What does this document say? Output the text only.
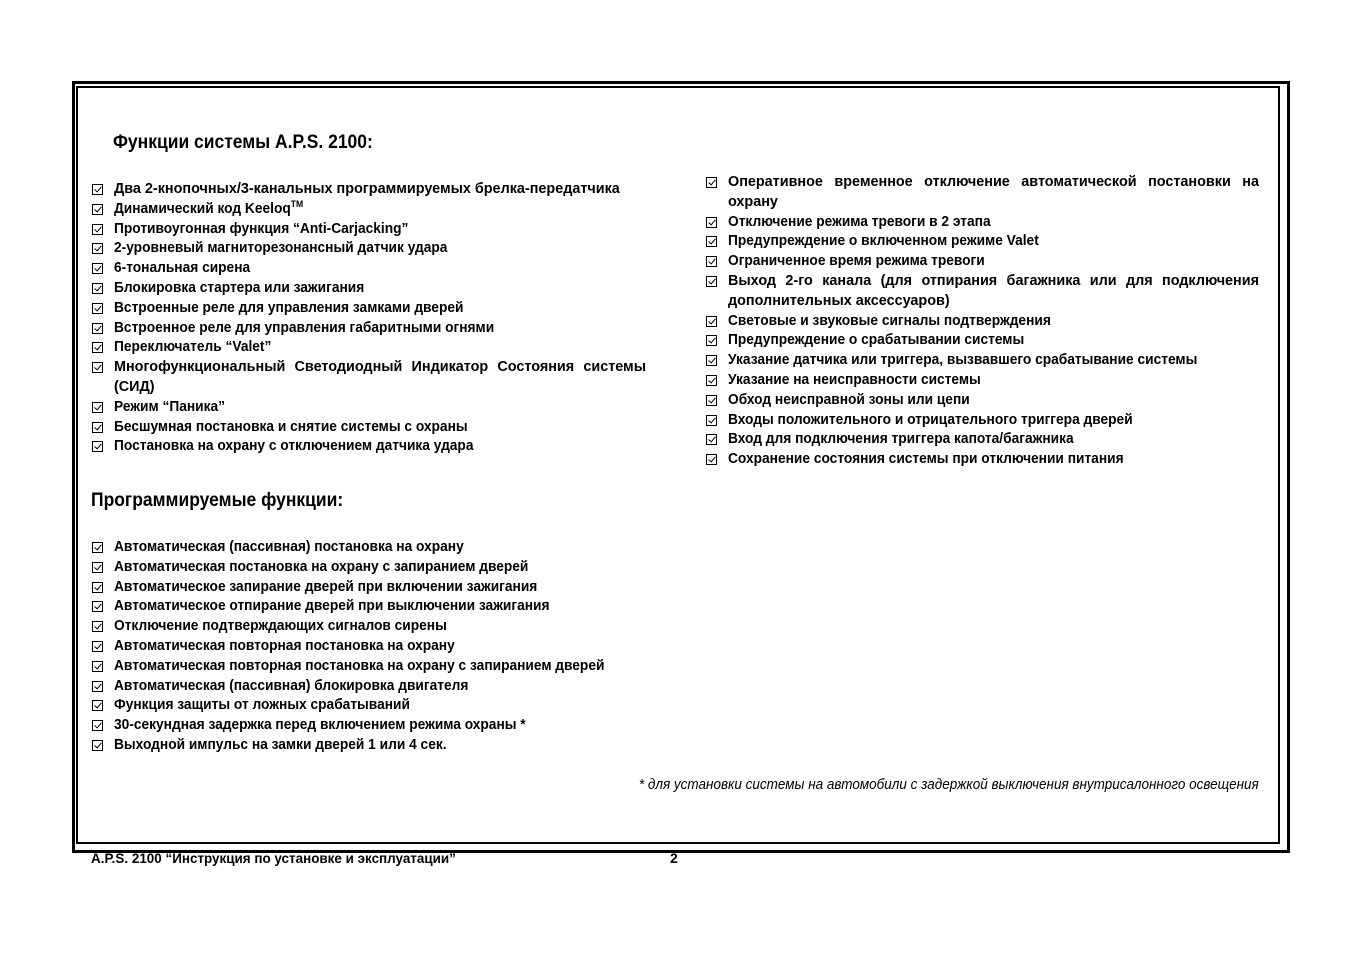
Функции системы A.P.S. 2100:
Два 2-кнопочных/3-канальных программируемых брелка-передатчика
Динамический код Keeloq™
Противоугонная функция “Anti-Carjacking”
2-уровневый магниторезонансный датчик удара
6-тональная сирена
Блокировка стартера или зажигания
Встроенные реле для управления замками дверей
Встроенное реле для управления габаритными огнями
Переключатель “Valet”
Многофункциональный Светодиодный Индикатор Состояния системы (СИД)
Режим “Паника”
Бесшумная постановка и снятие системы с охраны
Постановка на охрану с отключением датчика удара
Оперативное временное отключение автоматической постановки на охрану
Отключение режима тревоги в 2 этапа
Предупреждение о включенном режиме Valet
Ограниченное время режима тревоги
Выход 2-го канала (для отпирания багажника или для подключения дополнительных аксессуаров)
Световые и звуковые сигналы подтверждения
Предупреждение о срабатывании системы
Указание датчика или триггера, вызвавшего срабатывание системы
Указание на неисправности системы
Обход неисправной зоны или цепи
Входы положительного и отрицательного триггера дверей
Вход для подключения триггера капота/багажника
Сохранение состояния системы при отключении питания
Программируемые функции:
Автоматическая (пассивная) постановка на охрану
Автоматическая постановка на охрану с запиранием дверей
Автоматическое запирание дверей при включении зажигания
Автоматическое отпирание дверей при выключении зажигания
Отключение подтверждающих сигналов сирены
Автоматическая повторная постановка на охрану
Автоматическая повторная постановка на охрану с запиранием дверей
Автоматическая (пассивная) блокировка двигателя
Функция защиты от ложных срабатываний
30-секундная задержка перед включением режима охраны *
Выходной импульс на замки дверей 1 или 4 сек.
* для установки системы на автомобили с задержкой выключения внутрисалонного освещения
A.P.S. 2100 “Инструкция по установке и эксплуатации”	2
